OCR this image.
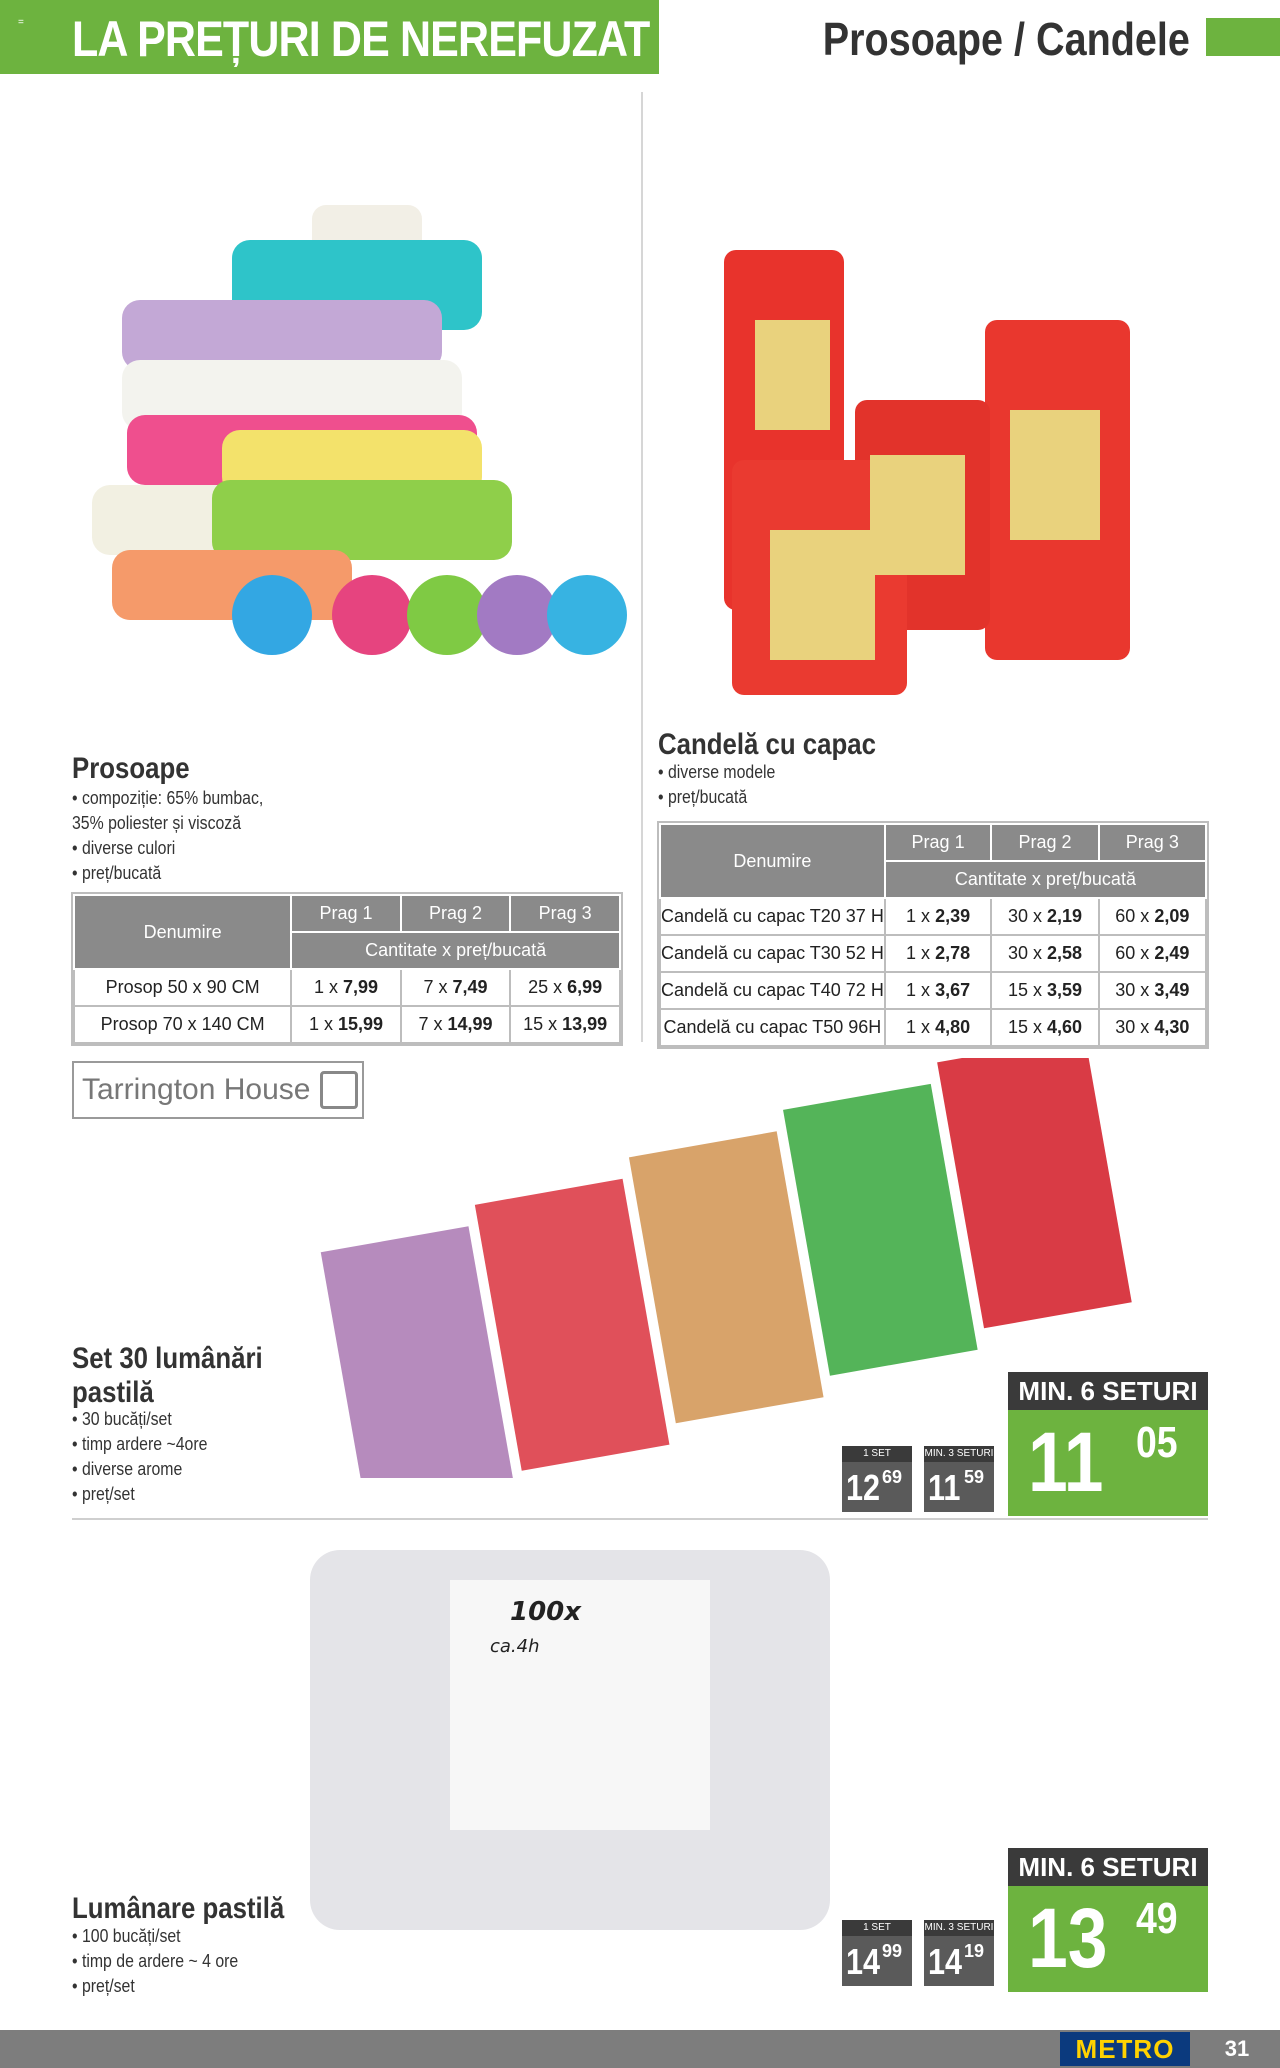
= LA PREȚURI DE NEREFUZAT	Prosoape / Candele
Prosoape
• compoziție: 65% bumbac,
35% poliester și viscoză
• diverse culori
• preț/bucată
Denumire	Prag 1	Prag 2	Prag 3
	Cantitate x preț/bucată		
Prosop 50 x 90 CM	1 x 7,99	7 x 7,49	25 x 6,99
Prosop 70 x 140 CM	1 x 15,99	7 x 14,99	15 x 13,99
Candelă cu capac
• diverse modele
• preț/bucată
Denumire	Prag 1	Prag 2	Prag 3
	Cantitate x preț/bucată		
Candelă cu capac T20 37 H	1 x 2,39	30 x 2,19	60 x 2,09
Candelă cu capac T30 52 H	1 x 2,78	30 x 2,58	60 x 2,49
Candelă cu capac T40 72 H	1 x 3,67	15 x 3,59	30 x 3,49
Candelă cu capac T50 96H	1 x 4,80	15 x 4,60	30 x 4,30
Tarrington House
Set 30 lumânări
pastilă
• 30 bucăți/set
• timp ardere ~4ore
• diverse arome
• preț/set
1 SET
12 69
MIN. 3 SETURI
11 59
MIN. 6 SETURI
11 05
100x
ca.4h
Lumânare pastilă
• 100 bucăți/set
• timp de ardere ~ 4 ore
• preț/set
1 SET
14 99
MIN. 3 SETURI
14 19
MIN. 6 SETURI
13 49
METRO	31
